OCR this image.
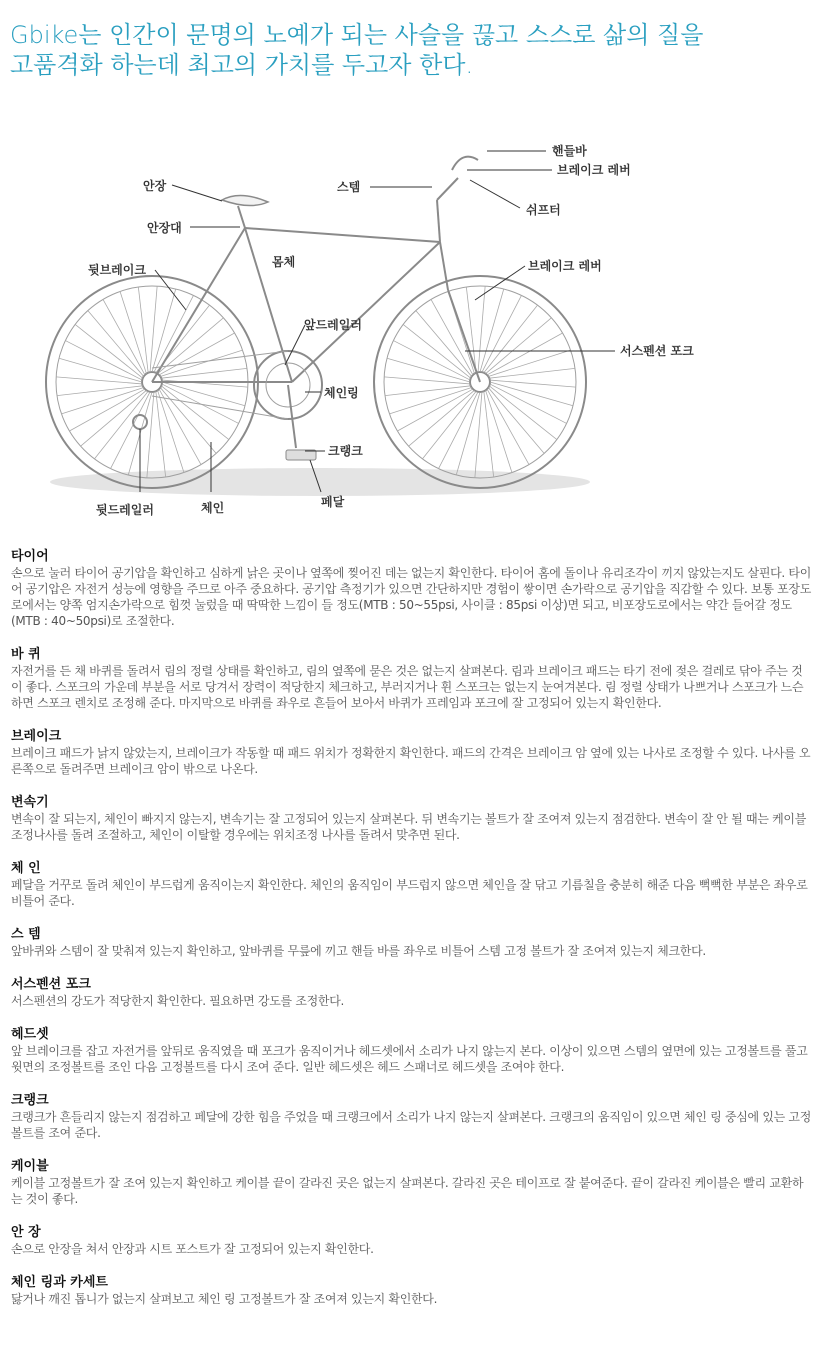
Gbike는 인간이 문명의 노예가 되는 사슬을 끊고 스스로 삶의 질을
고품격화 하는데 최고의 가치를 두고자 한다.
핸들바
브레이크 레버
안장	스템
쉬프터
안장대
몸체	브레이크 레버
뒷브레이크
앞드레일러
서스펜션 포크
체인링
크랭크
뒷드레일러	체인	페달
타이어

손으로 눌러 타이어 공기압을 확인하고 심하게 낡은 곳이나 옆쪽에 찢어진 데는 없는지 확인한다. 타이어 홈에 돌이나 유리조각이 끼지 않았는지도 살핀다. 타이어 공기압은 자전거 성능에 영향을 주므로 아주 중요하다. 공기압 측정기가 있으면 간단하지만 경험이 쌓이면 손가락으로 공기압을 직감할 수 있다. 보통 포장도로에서는 양쪽 엄지손가락으로 힘껏 눌렀을 때 딱딱한 느낌이 들 정도(MTB : 50~55psi, 사이클 : 85psi 이상)면 되고, 비포장도로에서는 약간 들어갈 정도(MTB : 40~50psi)로 조절한다.

바 퀴

자전거를 든 채 바퀴를 돌려서 림의 정렬 상태를 확인하고, 림의 옆쪽에 묻은 것은 없는지 살펴본다. 림과 브레이크 패드는 타기 전에 젖은 걸레로 닦아 주는 것이 좋다. 스포크의 가운데 부분을 서로 당겨서 장력이 적당한지 체크하고, 부러지거나 휜 스포크는 없는지 눈여겨본다. 림 정렬 상태가 나쁘거나 스포크가 느슨하면 스포크 렌치로 조정해 준다. 마지막으로 바퀴를 좌우로 흔들어 보아서 바퀴가 프레임과 포크에 잘 고정되어 있는지 확인한다.

브레이크

브레이크 패드가 낡지 않았는지, 브레이크가 작동할 때 패드 위치가 정확한지 확인한다. 패드의 간격은 브레이크 암 옆에 있는 나사로 조정할 수 있다. 나사를 오른쪽으로 돌려주면 브레이크 암이 밖으로 나온다.

변속기

변속이 잘 되는지, 체인이 빠지지 않는지, 변속기는 잘 고정되어 있는지 살펴본다. 뒤 변속기는 볼트가 잘 조여져 있는지 점검한다. 변속이 잘 안 될 때는 케이블 조정나사를 돌려 조절하고, 체인이 이탈할 경우에는 위치조정 나사를 돌려서 맞추면 된다.

체 인

페달을 거꾸로 돌려 체인이 부드럽게 움직이는지 확인한다. 체인의 움직임이 부드럽지 않으면 체인을 잘 닦고 기름칠을 충분히 해준 다음 뻑뻑한 부분은 좌우로 비틀어 준다.

스 템

앞바퀴와 스템이 잘 맞춰져 있는지 확인하고, 앞바퀴를 무릎에 끼고 핸들 바를 좌우로 비틀어 스템 고정 볼트가 잘 조여져 있는지 체크한다.

서스펜션 포크

서스펜션의 강도가 적당한지 확인한다. 필요하면 강도를 조정한다.

헤드셋

앞 브레이크를 잡고 자전거를 앞뒤로 움직였을 때 포크가 움직이거나 헤드셋에서 소리가 나지 않는지 본다. 이상이 있으면 스템의 옆면에 있는 고정볼트를 풀고 윗면의 조정볼트를 조인 다음 고정볼트를 다시 조여 준다. 일반 헤드셋은 헤드 스패너로 헤드셋을 조여야 한다.

크랭크

크랭크가 흔들리지 않는지 점검하고 페달에 강한 힘을 주었을 때 크랭크에서 소리가 나지 않는지 살펴본다. 크랭크의 움직임이 있으면 체인 링 중심에 있는 고정볼트를 조여 준다.

케이블

케이블 고정볼트가 잘 조여 있는지 확인하고 케이블 끝이 갈라진 곳은 없는지 살펴본다. 갈라진 곳은 테이프로 잘 붙여준다. 끝이 갈라진 케이블은 빨리 교환하는 것이 좋다.

안 장

손으로 안장을 쳐서 안장과 시트 포스트가 잘 고정되어 있는지 확인한다.

체인 링과 카세트

닳거나 깨진 톱니가 없는지 살펴보고 체인 링 고정볼트가 잘 조여져 있는지 확인한다.
